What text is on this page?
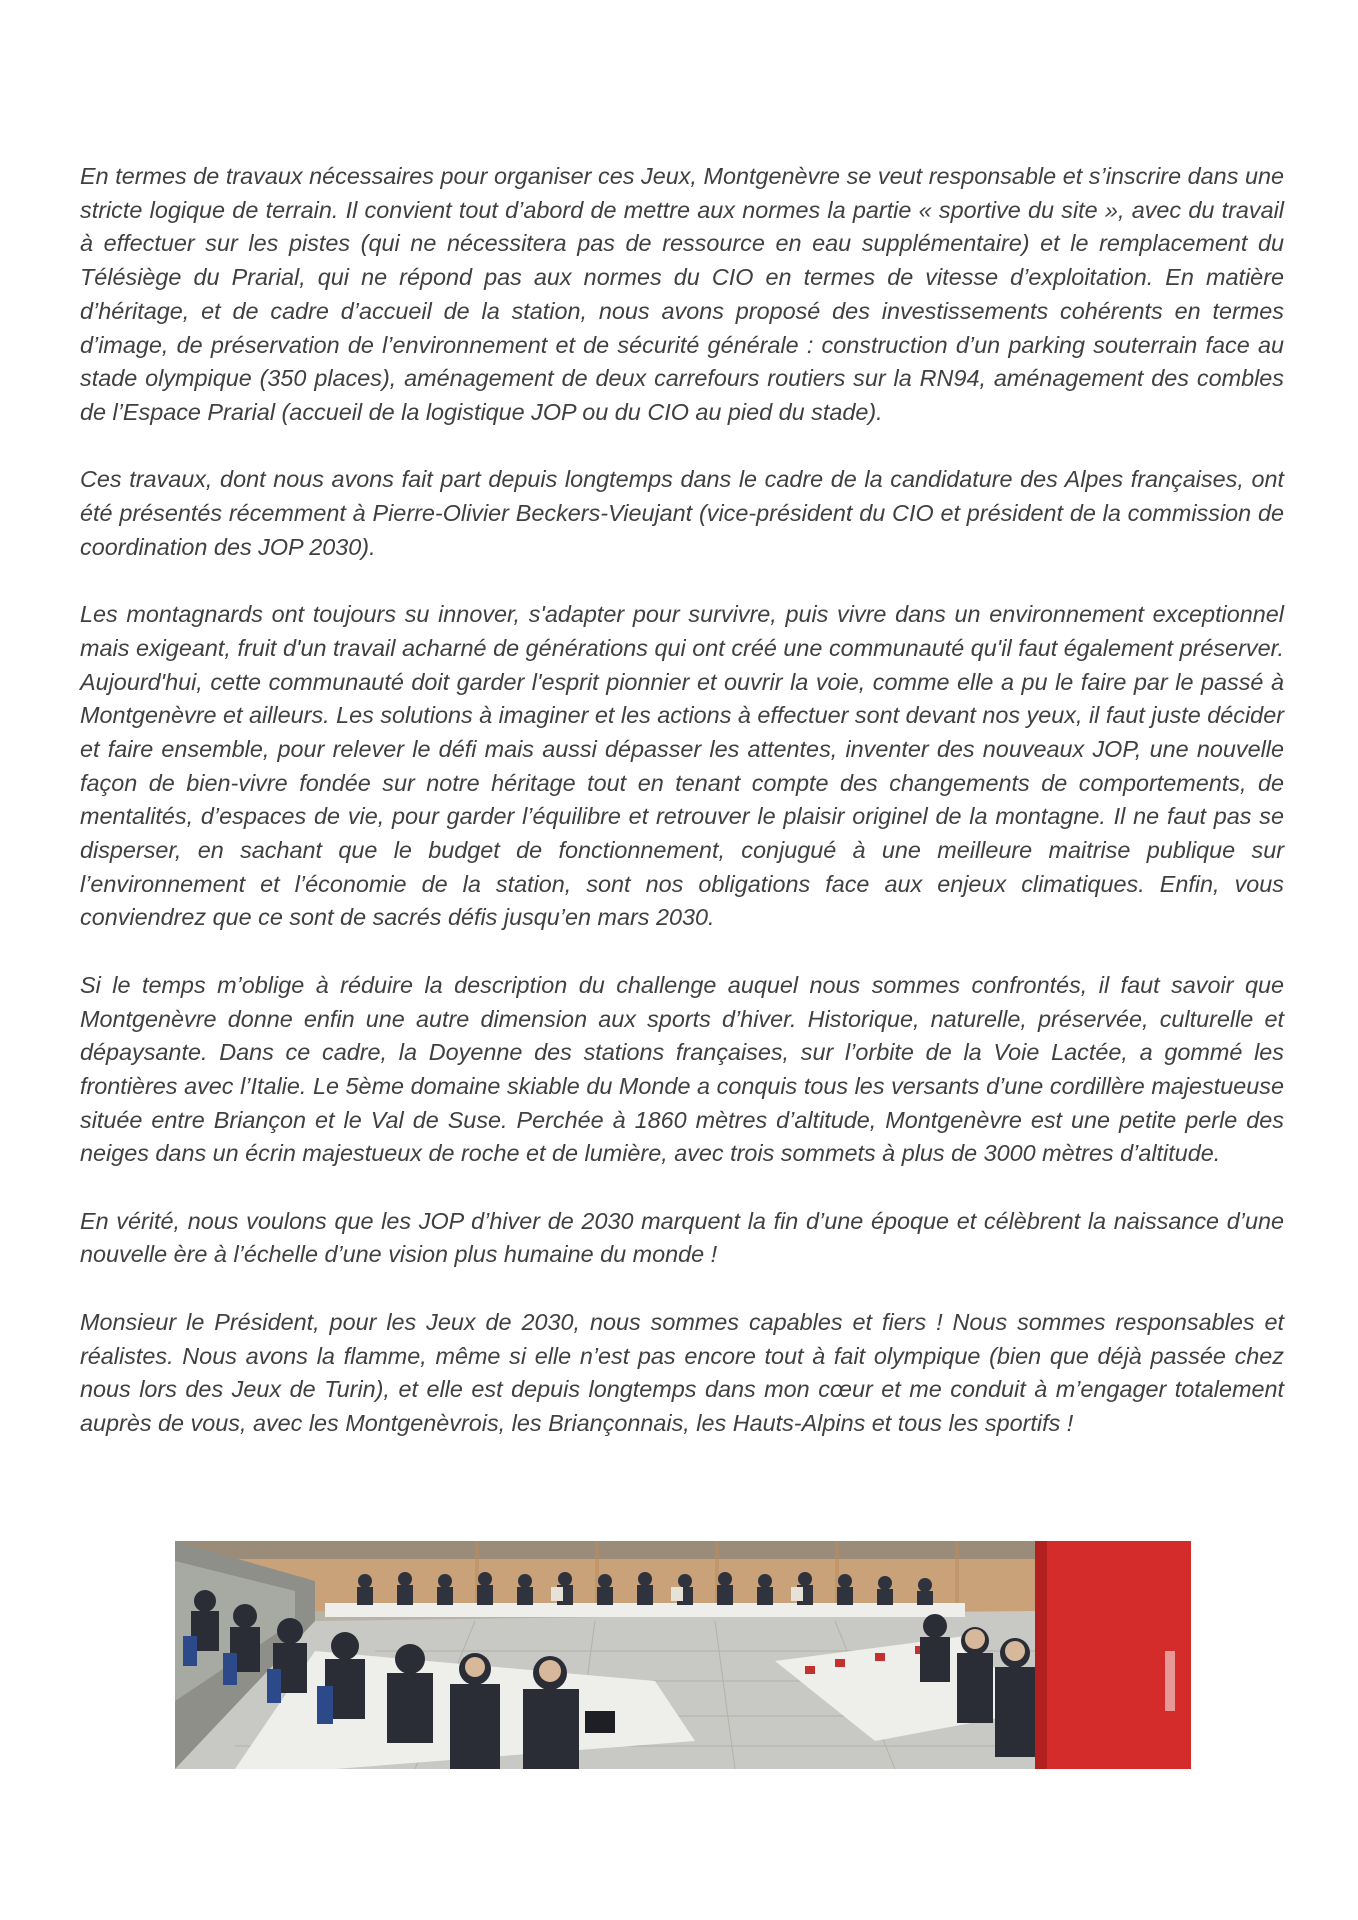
En termes de travaux nécessaires pour organiser ces Jeux, Montgenèvre se veut responsable et s’inscrire dans une stricte logique de terrain. Il convient tout d’abord de mettre aux normes la partie « sportive du site », avec du travail à effectuer sur les pistes (qui ne nécessitera pas de ressource en eau supplémentaire) et le remplacement du Télésiège du Prarial, qui ne répond pas aux normes du CIO en termes de vitesse d’exploitation. En matière d’héritage, et de cadre d’accueil de la station, nous avons proposé des investissements cohérents en termes d’image, de préservation de l’environnement et de sécurité générale : construction d’un parking souterrain face au stade olympique (350 places), aménagement de deux carrefours routiers sur la RN94, aménagement des combles de l’Espace Prarial (accueil de la logistique JOP ou du CIO au pied du stade).

Ces travaux, dont nous avons fait part depuis longtemps dans le cadre de la candidature des Alpes françaises, ont été présentés récemment à Pierre-Olivier Beckers-Vieujant (vice-président du CIO et président de la commission de coordination des JOP 2030).

Les montagnards ont toujours su innover, s'adapter pour survivre, puis vivre dans un environnement exceptionnel mais exigeant, fruit d'un travail acharné de générations qui ont créé une communauté qu'il faut également préserver. Aujourd'hui, cette communauté doit garder l'esprit pionnier et ouvrir la voie, comme elle a pu le faire par le passé à Montgenèvre et ailleurs. Les solutions à imaginer et les actions à effectuer sont devant nos yeux, il faut juste décider et faire ensemble, pour relever le défi mais aussi dépasser les attentes, inventer des nouveaux JOP, une nouvelle façon de bien-vivre fondée sur notre héritage tout en tenant compte des changements de comportements, de mentalités, d’espaces de vie, pour garder l’équilibre et retrouver le plaisir originel de la montagne. Il ne faut pas se disperser, en sachant que le budget de fonctionnement, conjugué à une meilleure maitrise publique sur l’environnement et l’économie de la station, sont nos obligations face aux enjeux climatiques. Enfin, vous conviendrez que ce sont de sacrés défis jusqu’en mars 2030.

Si le temps m’oblige à réduire la description du challenge auquel nous sommes confrontés, il faut savoir que Montgenèvre donne enfin une autre dimension aux sports d’hiver. Historique, naturelle, préservée, culturelle et dépaysante. Dans ce cadre, la Doyenne des stations françaises, sur l’orbite de la Voie Lactée, a gommé les frontières avec l’Italie. Le 5ème domaine skiable du Monde a conquis tous les versants d’une cordillère majestueuse située entre Briançon et le Val de Suse. Perchée à 1860 mètres d’altitude, Montgenèvre est une petite perle des neiges dans un écrin majestueux de roche et de lumière, avec trois sommets à plus de 3000 mètres d’altitude.

En vérité, nous voulons que les JOP d’hiver de 2030 marquent la fin d’une époque et célèbrent la naissance d’une nouvelle ère à l’échelle d’une vision plus humaine du monde !

Monsieur le Président, pour les Jeux de 2030, nous sommes capables et fiers ! Nous sommes responsables et réalistes. Nous avons la flamme, même si elle n’est pas encore tout à fait olympique (bien que déjà passée chez nous lors des Jeux de Turin), et elle est depuis longtemps dans mon cœur et me conduit à m’engager totalement auprès de vous, avec les Montgenèvrois, les Briançonnais, les Hauts-Alpins et tous les sportifs !
